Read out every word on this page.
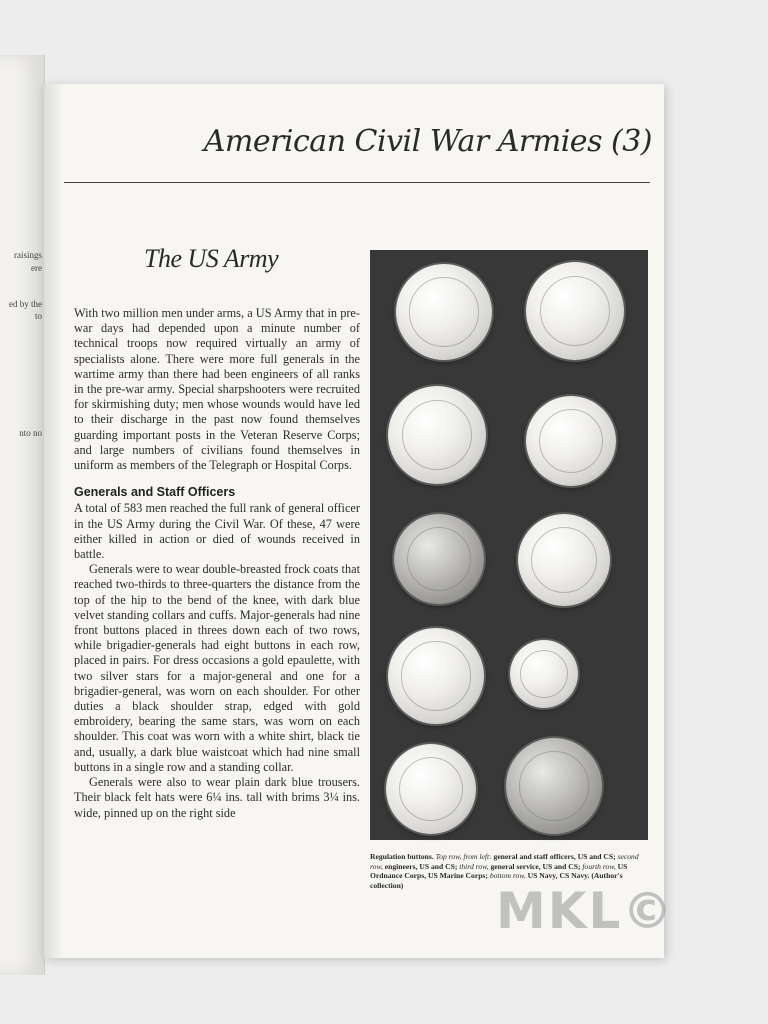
raisings
ere
ed by the
to
nto no
American Civil War Armies (3)
The US Army

With two million men under arms, a US Army that in pre-war days had depended upon a minute number of technical troops now required virtually an army of specialists alone. There were more full generals in the wartime army than there had been engineers of all ranks in the pre-war army. Special sharpshooters were recruited for skirmishing duty; men whose wounds would have led to their discharge in the past now found themselves guarding important posts in the Veteran Reserve Corps; and large numbers of civilians found themselves in uniform as members of the Telegraph or Hospital Corps.

Generals and Staff Officers

A total of 583 men reached the full rank of general officer in the US Army during the Civil War. Of these, 47 were either killed in action or died of wounds received in battle.

Generals were to wear double-breasted frock coats that reached two-thirds to three-quarters the distance from the top of the hip to the bend of the knee, with dark blue velvet standing collars and cuffs. Major-generals had nine front buttons placed in threes down each of two rows, while brigadier-generals had eight buttons in each row, placed in pairs. For dress occasions a gold epaulette, with two silver stars for a major-general and one for a brigadier-general, was worn on each shoulder. For other duties a black shoulder strap, edged with gold embroidery, bearing the same stars, was worn on each shoulder. This coat was worn with a white shirt, black tie and, usually, a dark blue waistcoat which had nine small buttons in a single row and a standing collar.

Generals were also to wear plain dark blue trousers. Their black felt hats were 6¼ ins. tall with brims 3¼ ins. wide, pinned up on the right side

Regulation buttons. Top row, from left: general and staff officers, US and CS; second row, engineers, US and CS; third row, general service, US and CS; fourth row, US Ordnance Corps, US Marine Corps; bottom row, US Navy, CS Navy. (Author's collection)	MKL©
